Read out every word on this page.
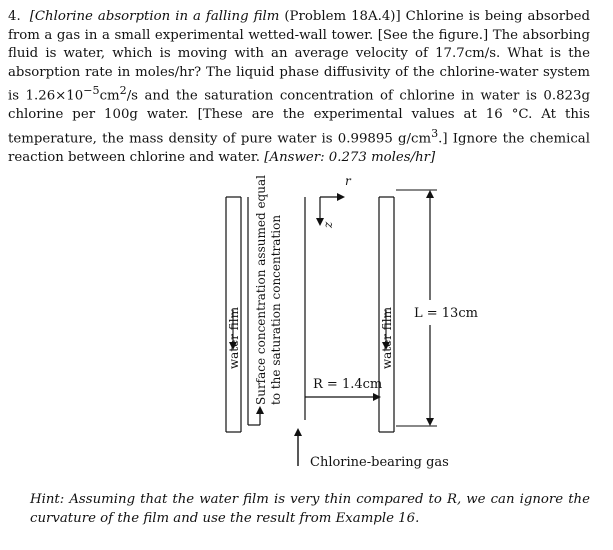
4. [Chlorine absorption in a falling film (Problem 18A.4)] Chlorine is being absorbed from a gas in a small experimental wetted-wall tower. [See the figure.] The absorbing fluid is water, which is moving with an average velocity of 17.7cm/s. What is the absorption rate in moles/hr? The liquid phase diffusivity of the chlorine-water system is $1.26\times 10^{-5}cm^2/s$ and the saturation concentration of chlorine in water is 0.823g chlorine per 100g water. [These are the experimental values at 16 °C. At this temperature, the mass density of pure water is 0.99895 $g/cm^3$.] Ignore the chemical reaction between chlorine and water. [Answer: 0.273 moles/hr]
water film	water film
Surface concentration assumed equal to the saturation concentration
r
z
L = 13cm
R = 1.4cm
Chlorine-bearing gas
Hint: Assuming that the water film is very thin compared to R, we can ignore the curvature of the film and use the result from Example 16.
